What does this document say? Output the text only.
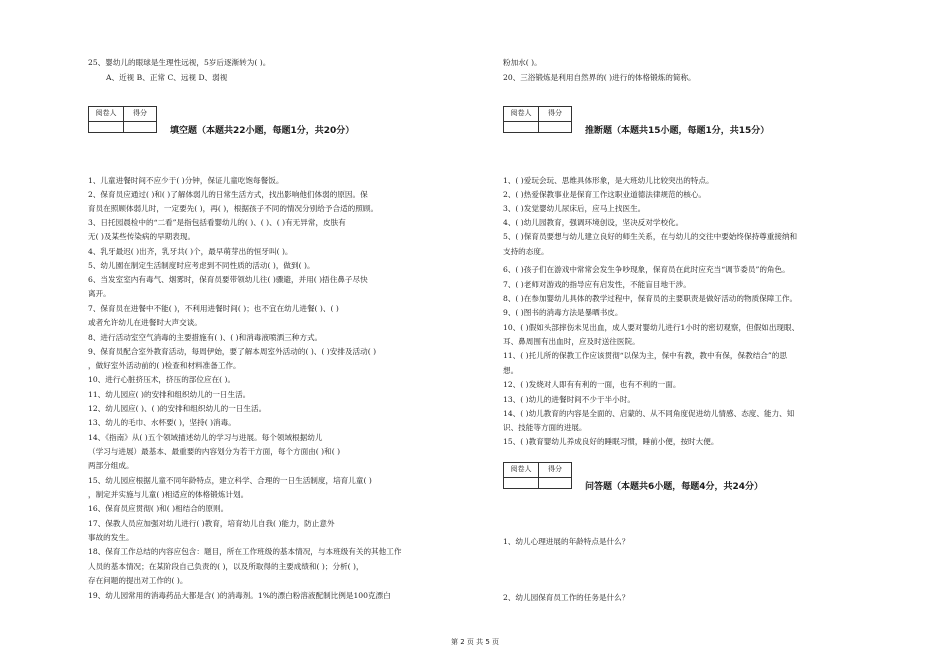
25、婴幼儿的眼球是生理性远视，5岁后逐渐转为( )。
A、近视 B、正常 C、远视 D、弱视
阅卷人	得分

填空题（本题共22小题，每题1分，共20分）
1、儿童进餐时间不应少于( )分钟，保证儿童吃饱每餐饭。
2、保育员应通过( )和( )了解体弱儿的日常生活方式，找出影响他们体弱的原因。保
育员在照顾体弱儿时，一定要先( )，再( )，根据孩子不同的情况分别给予合适的照顾。
3、日托园晨检中的“二看”是指包括看婴幼儿的( )、( )、( )有无异常，皮肤有
无( )及某些传染病的早期表现。
4、乳牙最迟( )出齐，乳牙共( )个，最早萌芽出的恒牙叫( )。
5、幼儿園在制定生活制度时应考虑到不同性质的活动( )，做到( )。
6、当发室室内有毒气、烟雾时，保育员要带领幼儿往( )骤避，并用( )捂住鼻子尽快
离开。
7、保育员在进餐中不能( )，不利用进餐时间( )；也不宜在幼儿进餐( )、( )
或者允许幼儿在进餐时大声交谈。
8、进行活动室空气消毒的主要措施有( )、( )和消毒液喷洒三种方式。
9、保育员配合室外教育活动，每周伊始，要了解本周室外活动的( )、( )安排及活动( )
，做好室外活动前的( )检查和材料准备工作。
10、进行心脏挤压术，挤压的部位应在( )。
11、幼儿园应( )的安排和组织幼儿的一日生活。
12、幼儿园应( )、( )的安排和组织幼儿的一日生活。
13、幼儿的毛巾、水杯要( )，坚持( )消毒。
14、《指南》从( )五个领域描述幼儿的学习与进展。每个领域根据幼儿
（学习与进展）最基本、最重要的内容划分为若干方面，每个方面由( )和( )
两部分组成。
15、幼儿园应根据儿童不同年龄特点，建立科学、合理的一日生活制度，培育儿童( )
，制定并实施与儿童( )相适应的体格锻炼计划。
16、保育员应贯彻( )和( )相结合的原则。
17、保教人员应加强对幼儿进行( )教育，培育幼儿自我( )能力，防止意外
事故的发生。
18、保育工作总结的内容应包含：题目，所在工作班级的基本情况，与本班级有关的其他工作
人员的基本情况；在某阶段自己负责的( )，以及所取得的主要成绩和( )；分析( )，
存在问题的提出对工作的( )。
19、幼儿园常用的消毒药品大都是含( )的消毒剂。1%的漂白粉溶液配制比例是100克漂白
粉加水( )。
20、三浴锻炼是利用自然界的( )进行的体格锻炼的简称。
阅卷人	得分

推断题（本题共15小题，每题1分，共15分）
1、( )爱玩会玩、思维具体形象，是大班幼儿比较突出的特点。
2、( )热爱保教事业是保育工作这职业道德法律规范的核心。
3、( )发觉婴幼儿尿床后，应马上找医生。
4、( )幼儿园教育，强调环境创设，坚决反对学校化。
5、( )保育员要想与幼儿建立良好的师生关系，在与幼儿的交往中要始终保持尊重接纳和
支持的态度。
6、( )孩子们在游戏中常常会发生争吵现象，保育员在此时应充当“调节委员”的角色。
7、( )老师对游戏的指导应有启发性，不能盲目地干涉。
8、( )在参加婴幼儿具体的教学过程中，保育员的主要职责是做好活动的物质保障工作。
9、( )图书的消毒方法是暴晒书皮。
10、( )假如头部摔伤未见出血，成人要对婴幼儿进行1小时的密切观察，但假如出现眼、
耳、鼻周围有出血时，应及时送往医院。
11、( )托儿所的保教工作应该贯彻“以保为主，保中有教，教中有保，保教结合”的思
想。
12、( )发烧对人即有有利的一面，也有不利的一面。
13、( )幼儿的进餐时间不少于半小时。
14、( )幼儿教育的内容是全面的、启蒙的、从不同角度促进幼儿情感、态度、能力、知
识、技能等方面的进展。
15、( )教育婴幼儿养成良好的睡眠习惯，睡前小便，按时大便。
阅卷人	得分

问答题（本题共6小题，每题4分，共24分）
1、幼儿心理进展的年龄特点是什么？
2、幼儿园保育员工作的任务是什么？
第 2 页 共 5 页
